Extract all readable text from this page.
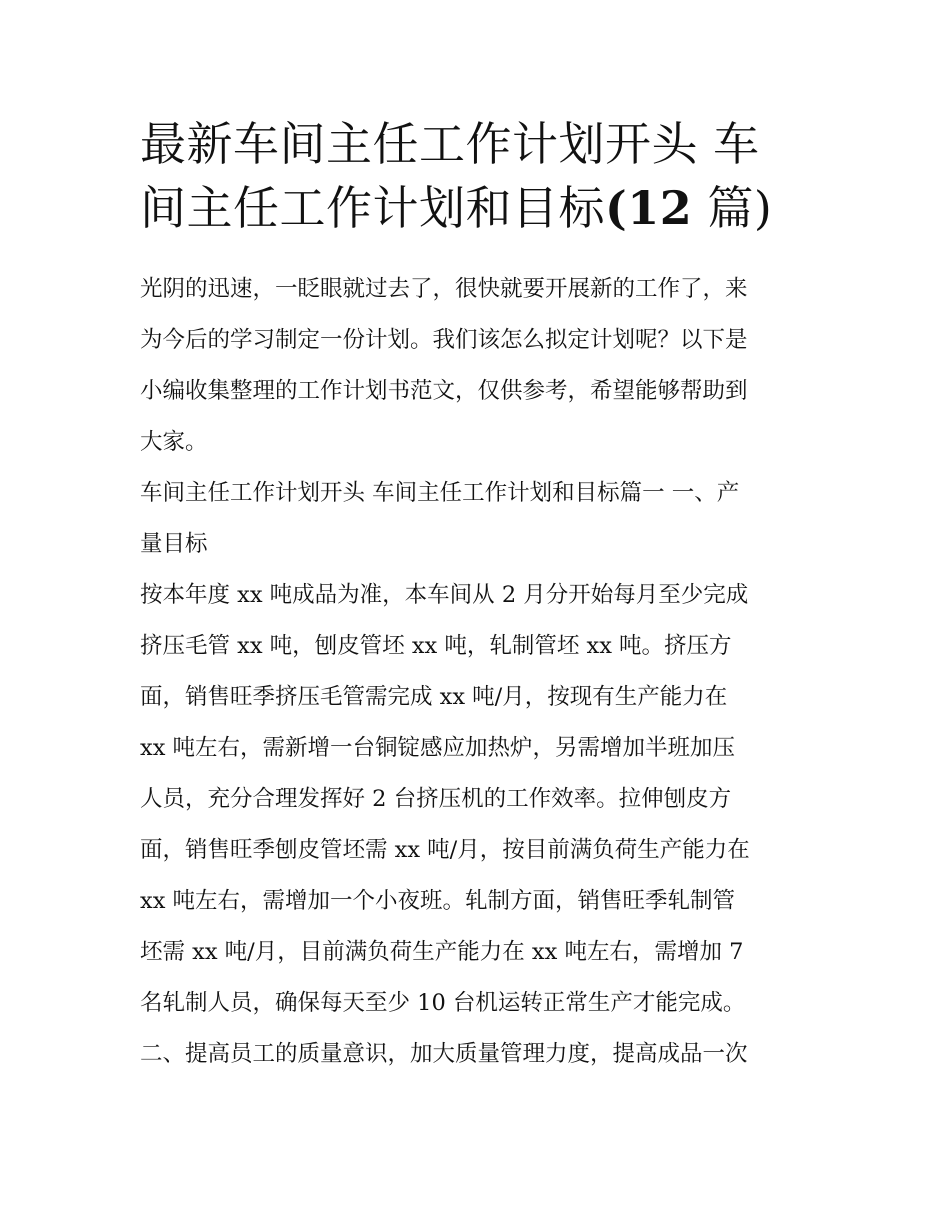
最新车间主任工作计划开头 车
间主任工作计划和目标(12 篇)

光阴的迅速，一眨眼就过去了，很快就要开展新的工作了，来
为今后的学习制定一份计划。我们该怎么拟定计划呢？以下是
小编收集整理的工作计划书范文，仅供参考，希望能够帮助到
大家。

车间主任工作计划开头 车间主任工作计划和目标篇一 一、产
量目标

按本年度 xx 吨成品为准，本车间从 2 月分开始每月至少完成
挤压毛管 xx 吨，刨皮管坯 xx 吨，轧制管坯 xx 吨。挤压方
面，销售旺季挤压毛管需完成 xx 吨/月，按现有生产能力在
xx 吨左右，需新增一台铜锭感应加热炉，另需增加半班加压
人员，充分合理发挥好 2 台挤压机的工作效率。拉伸刨皮方
面，销售旺季刨皮管坯需 xx 吨/月，按目前满负荷生产能力在
xx 吨左右，需增加一个小夜班。轧制方面，销售旺季轧制管
坯需 xx 吨/月，目前满负荷生产能力在 xx 吨左右，需增加 7
名轧制人员，确保每天至少 10 台机运转正常生产才能完成。

二、提高员工的质量意识，加大质量管理力度，提高成品一次
